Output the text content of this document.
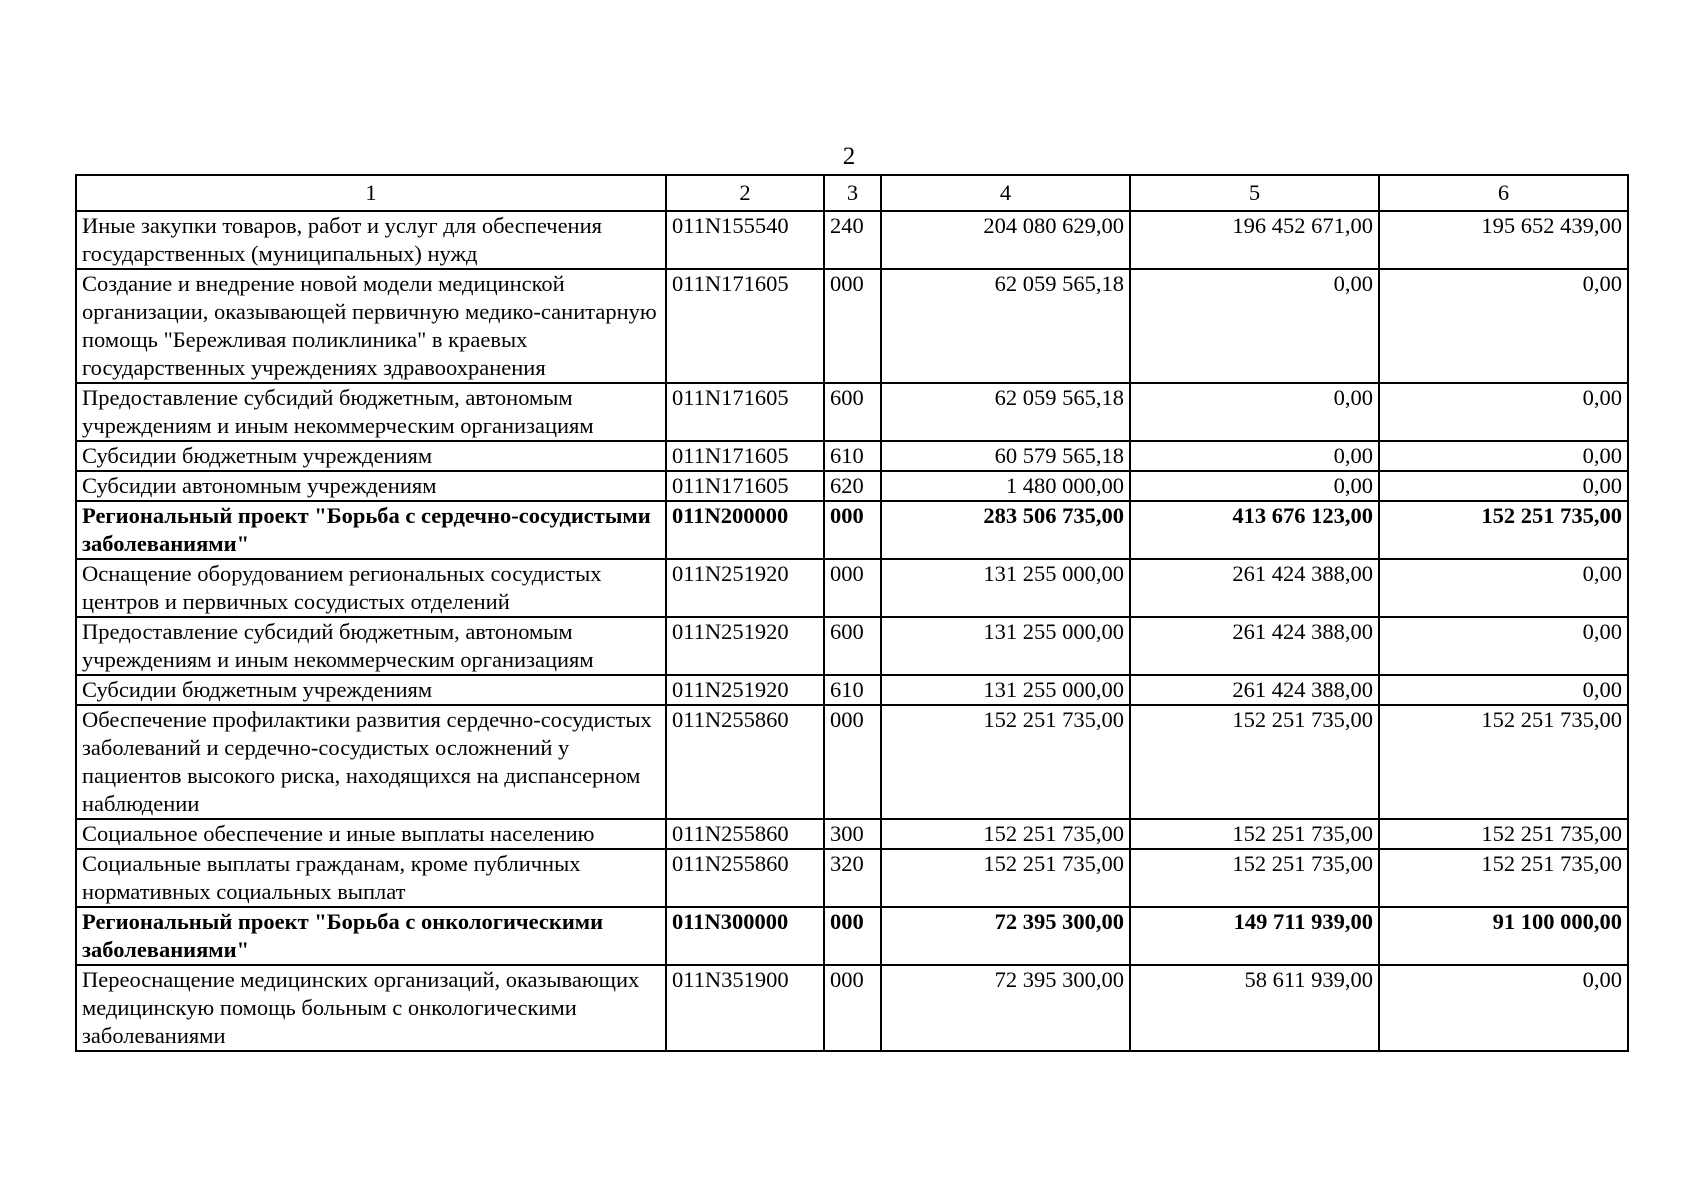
2
1	2	3	4	5	6
Иные закупки товаров, работ и услуг для обеспечения государственных (муниципальных) нужд	011N155540	240	204 080 629,00	196 452 671,00	195 652 439,00
Создание и внедрение новой модели медицинской организации, оказывающей первичную медико-санитарную помощь "Бережливая поликлиника" в краевых государственных учреждениях здравоохранения	011N171605	000	62 059 565,18	0,00	0,00
Предоставление субсидий бюджетным, автономым учреждениям и иным некоммерческим организациям	011N171605	600	62 059 565,18	0,00	0,00
Субсидии бюджетным учреждениям	011N171605	610	60 579 565,18	0,00	0,00
Субсидии автономным учреждениям	011N171605	620	1 480 000,00	0,00	0,00
Региональный проект "Борьба с сердечно-сосудистыми заболеваниями"	011N200000	000	283 506 735,00	413 676 123,00	152 251 735,00
Оснащение оборудованием региональных сосудистых центров и первичных сосудистых отделений	011N251920	000	131 255 000,00	261 424 388,00	0,00
Предоставление субсидий бюджетным, автономым учреждениям и иным некоммерческим организациям	011N251920	600	131 255 000,00	261 424 388,00	0,00
Субсидии бюджетным учреждениям	011N251920	610	131 255 000,00	261 424 388,00	0,00
Обеспечение профилактики развития сердечно-сосудистых заболеваний и сердечно-сосудистых осложнений у пациентов высокого риска, находящихся на диспансерном наблюдении	011N255860	000	152 251 735,00	152 251 735,00	152 251 735,00
Социальное обеспечение и иные выплаты населению	011N255860	300	152 251 735,00	152 251 735,00	152 251 735,00
Социальные выплаты гражданам, кроме публичных нормативных социальных выплат	011N255860	320	152 251 735,00	152 251 735,00	152 251 735,00
Региональный проект "Борьба с онкологическими заболеваниями"	011N300000	000	72 395 300,00	149 711 939,00	91 100 000,00
Переоснащение медицинских организаций, оказывающих медицинскую помощь больным с онкологическими заболеваниями	011N351900	000	72 395 300,00	58 611 939,00	0,00
